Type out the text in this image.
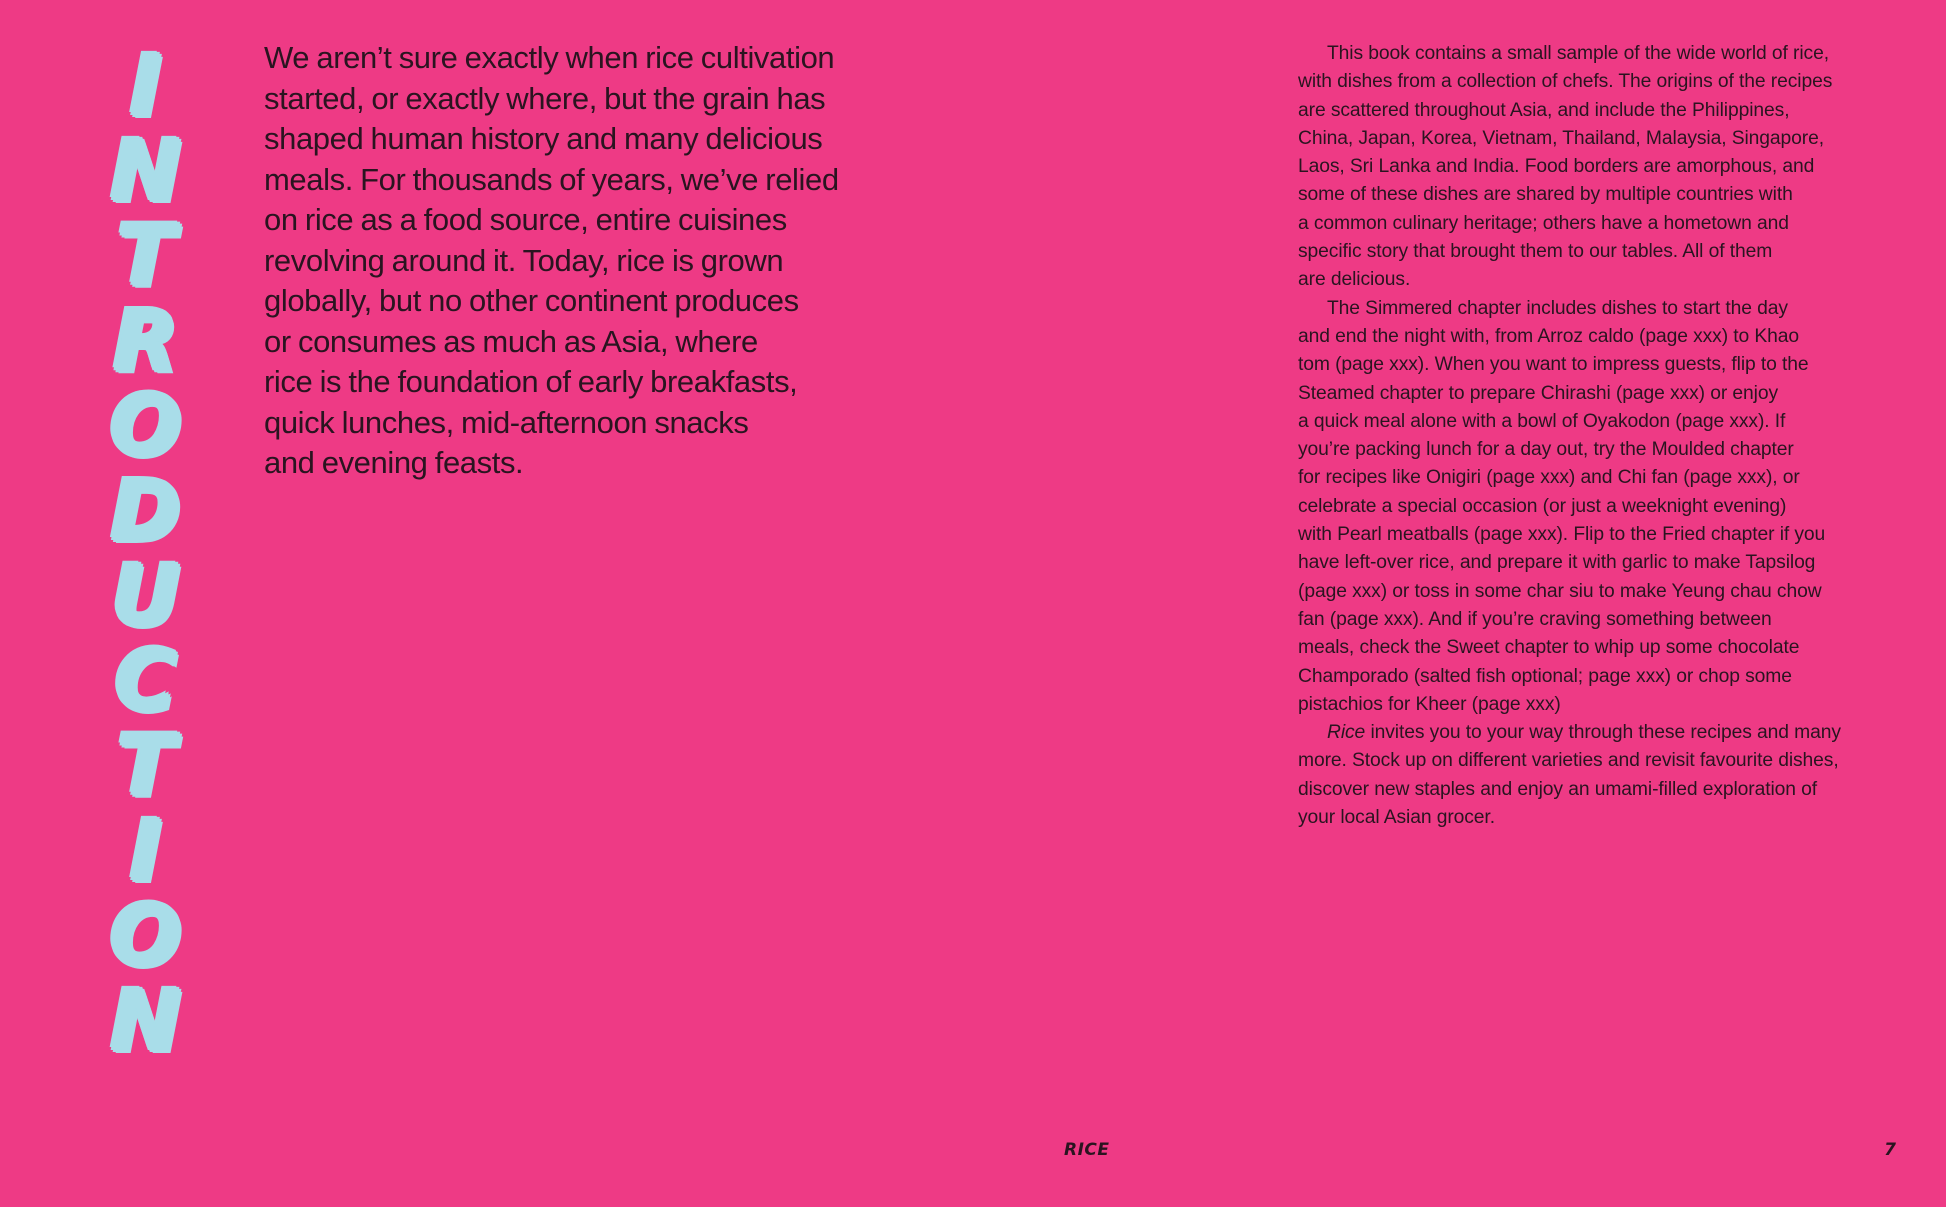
I
N
T
R
O
D
U
C
T
I
O
N

We aren’t sure exactly when rice cultivation
started, or exactly where, but the grain has
shaped human history and many delicious
meals. For thousands of years, we’ve relied
on rice as a food source, entire cuisines
revolving around it. Today, rice is grown
globally, but no other continent produces
or consumes as much as Asia, where
rice is the foundation of early breakfasts,
quick lunches, mid-afternoon snacks
and evening feasts.

This book contains a small sample of the wide world of rice,
with dishes from a collection of chefs. The origins of the recipes
are scattered throughout Asia, and include the Philippines,
China, Japan, Korea, Vietnam, Thailand, Malaysia, Singapore,
Laos, Sri Lanka and India. Food borders are amorphous, and
some of these dishes are shared by multiple countries with
a common culinary heritage; others have a hometown and
specific story that brought them to our tables. All of them
are delicious.

The Simmered chapter includes dishes to start the day
and end the night with, from Arroz caldo (page xxx) to Khao
tom (page xxx). When you want to impress guests, flip to the
Steamed chapter to prepare Chirashi (page xxx) or enjoy
a quick meal alone with a bowl of Oyakodon (page xxx). If
you’re packing lunch for a day out, try the Moulded chapter
for recipes like Onigiri (page xxx) and Chi fan (page xxx), or
celebrate a special occasion (or just a weeknight evening)
with Pearl meatballs (page xxx). Flip to the Fried chapter if you
have left-over rice, and prepare it with garlic to make Tapsilog
(page xxx) or toss in some char siu to make Yeung chau chow
fan (page xxx). And if you’re craving something between
meals, check the Sweet chapter to whip up some chocolate
Champorado (salted fish optional; page xxx) or chop some
pistachios for Kheer (page xxx)

Rice invites you to your way through these recipes and many
more. Stock up on different varieties and revisit favourite dishes,
discover new staples and enjoy an umami-filled exploration of
your local Asian grocer.

RICE	7
